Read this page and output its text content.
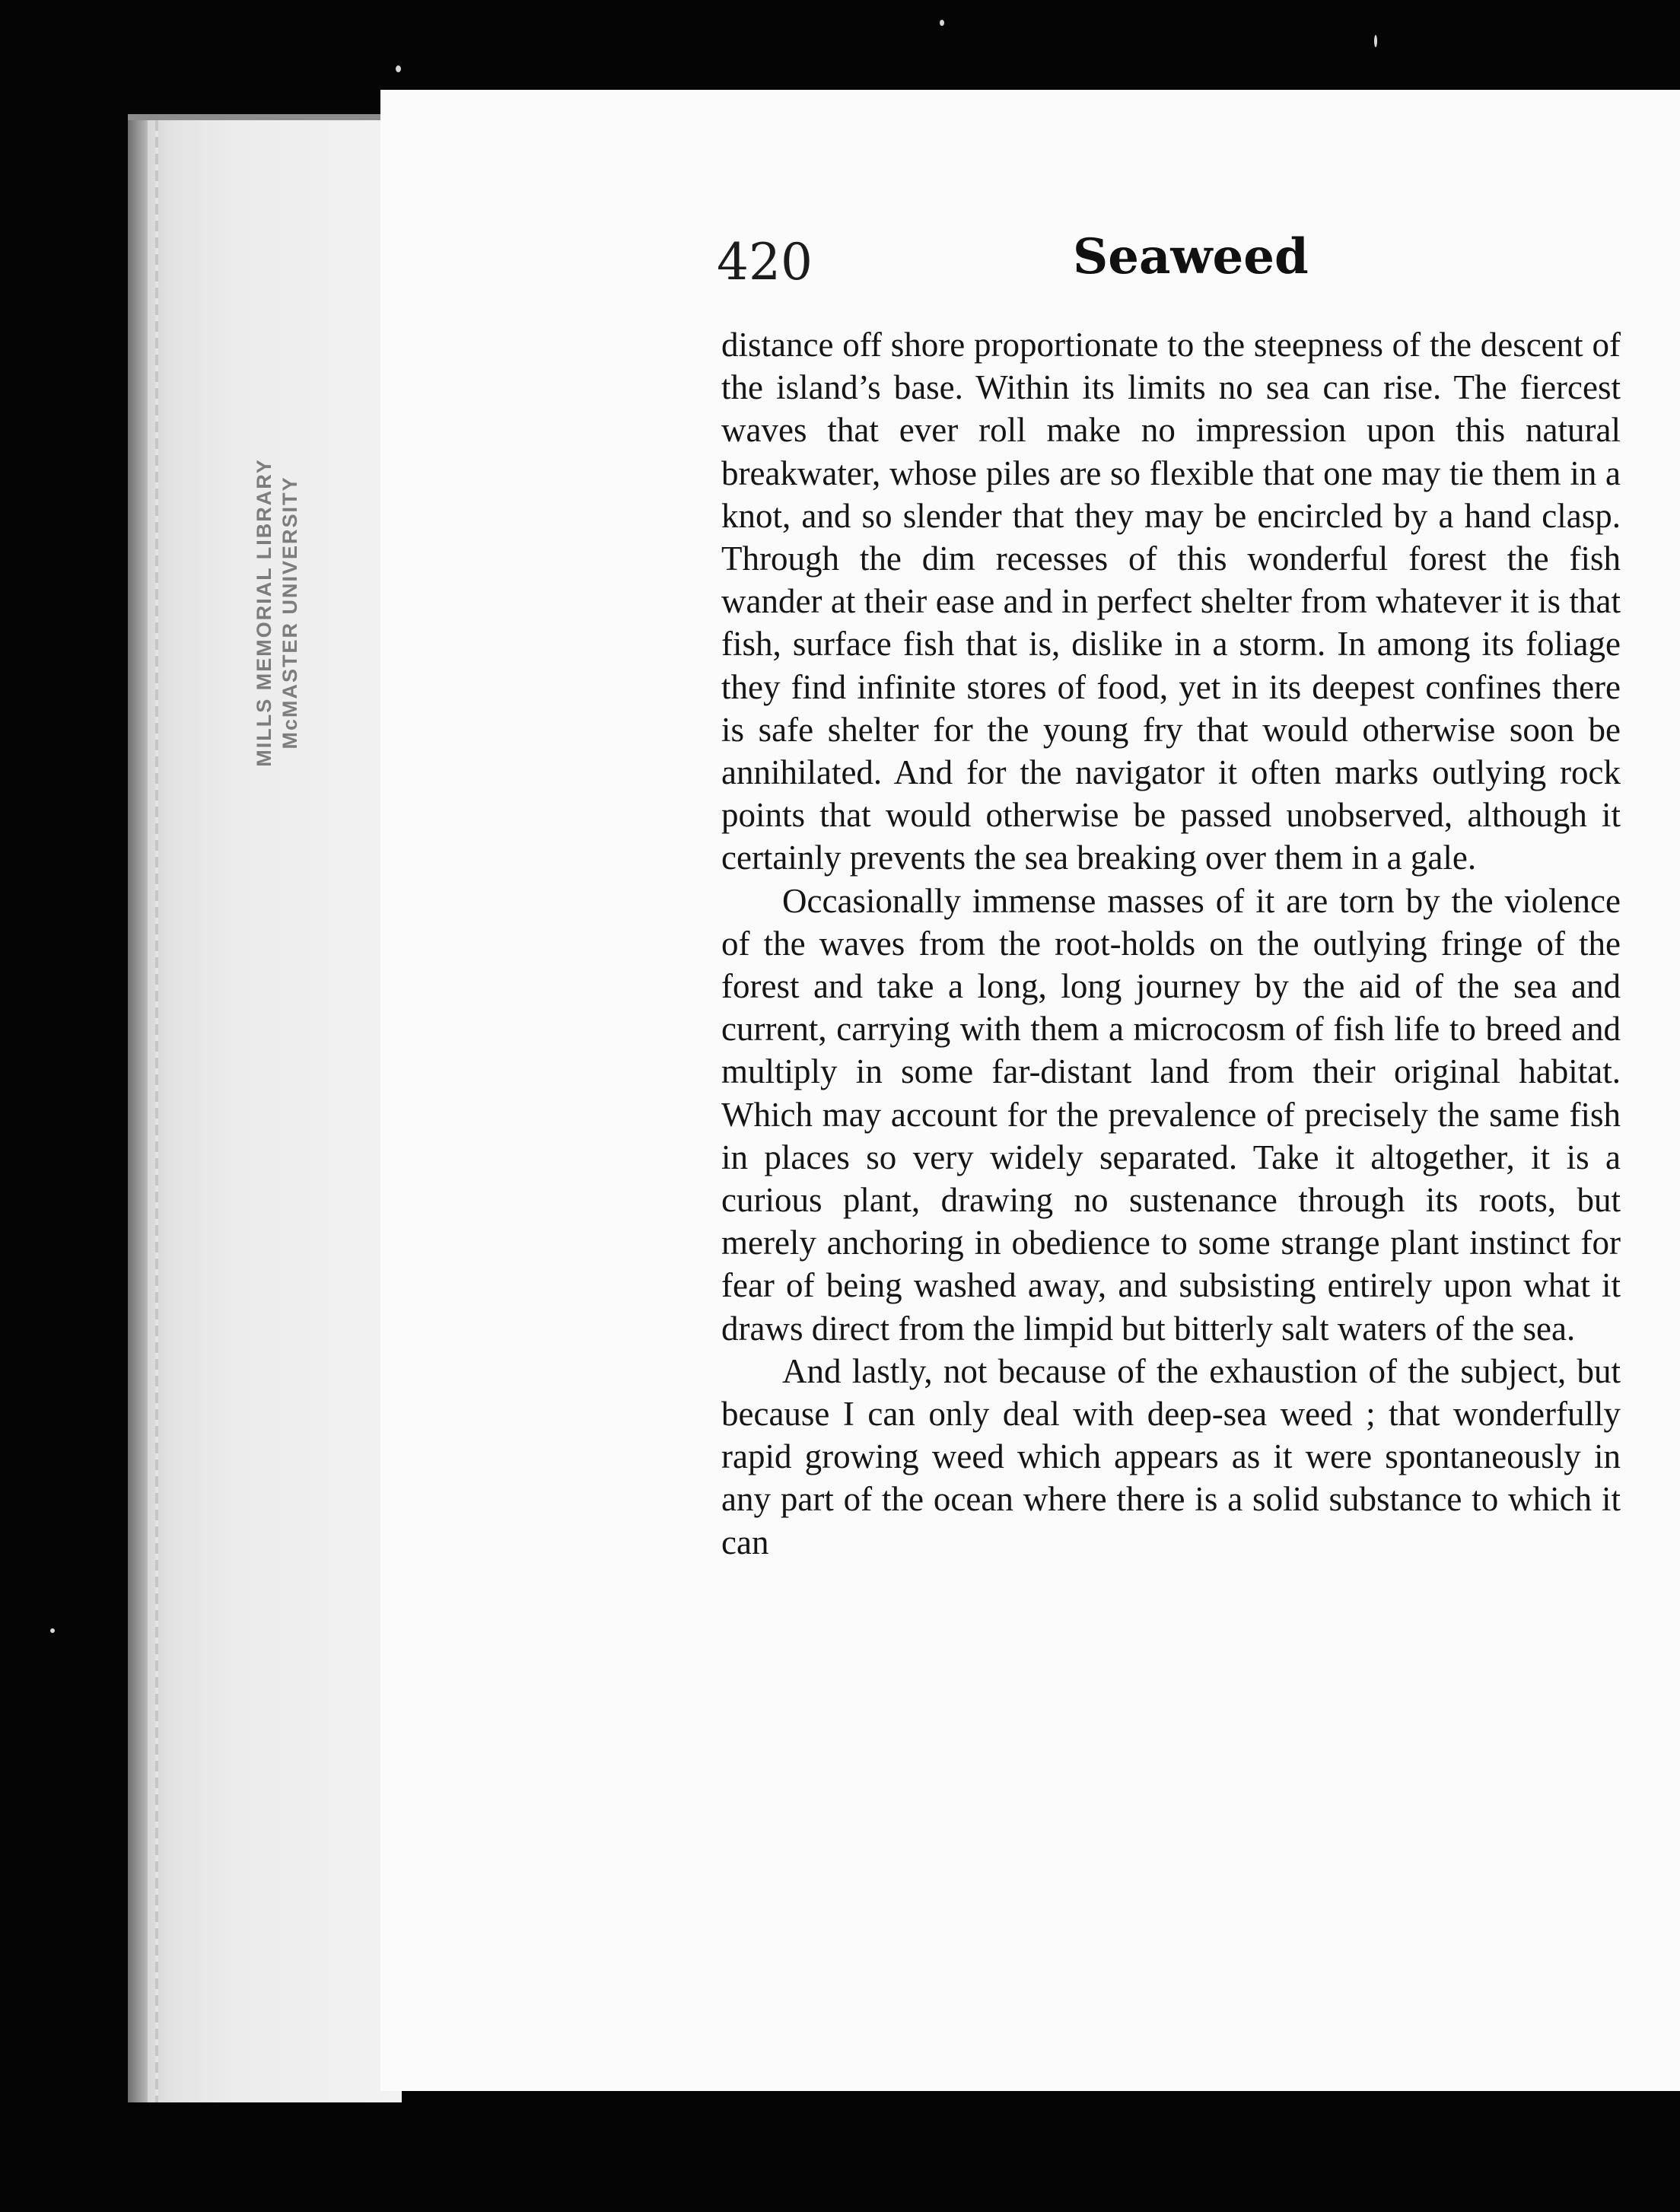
MILLS MEMORIAL LIBRARY McMASTER UNIVERSITY
420	Seaweed

distance off shore proportionate to the steepness of the descent of the island’s base. Within its limits no sea can rise. The fiercest waves that ever roll make no impression upon this natural breakwater, whose piles are so flexible that one may tie them in a knot, and so slender that they may be encircled by a hand clasp. Through the dim recesses of this wonderful forest the fish wander at their ease and in perfect shelter from whatever it is that fish, surface fish that is, dislike in a storm. In among its foliage they find infinite stores of food, yet in its deepest confines there is safe shelter for the young fry that would otherwise soon be annihilated. And for the navigator it often marks outlying rock points that would otherwise be passed unobserved, although it certainly prevents the sea breaking over them in a gale.

Occasionally immense masses of it are torn by the violence of the waves from the root-holds on the outlying fringe of the forest and take a long, long journey by the aid of the sea and current, carrying with them a microcosm of fish life to breed and multiply in some far-distant land from their original habitat. Which may account for the prevalence of precisely the same fish in places so very widely separated. Take it altogether, it is a curious plant, drawing no sustenance through its roots, but merely anchoring in obedience to some strange plant instinct for fear of being washed away, and subsisting entirely upon what it draws direct from the limpid but bitterly salt waters of the sea.

And lastly, not because of the exhaustion of the subject, but because I can only deal with deep-sea weed ; that wonderfully rapid growing weed which appears as it were spontaneously in any part of the ocean where there is a solid substance to which it can
